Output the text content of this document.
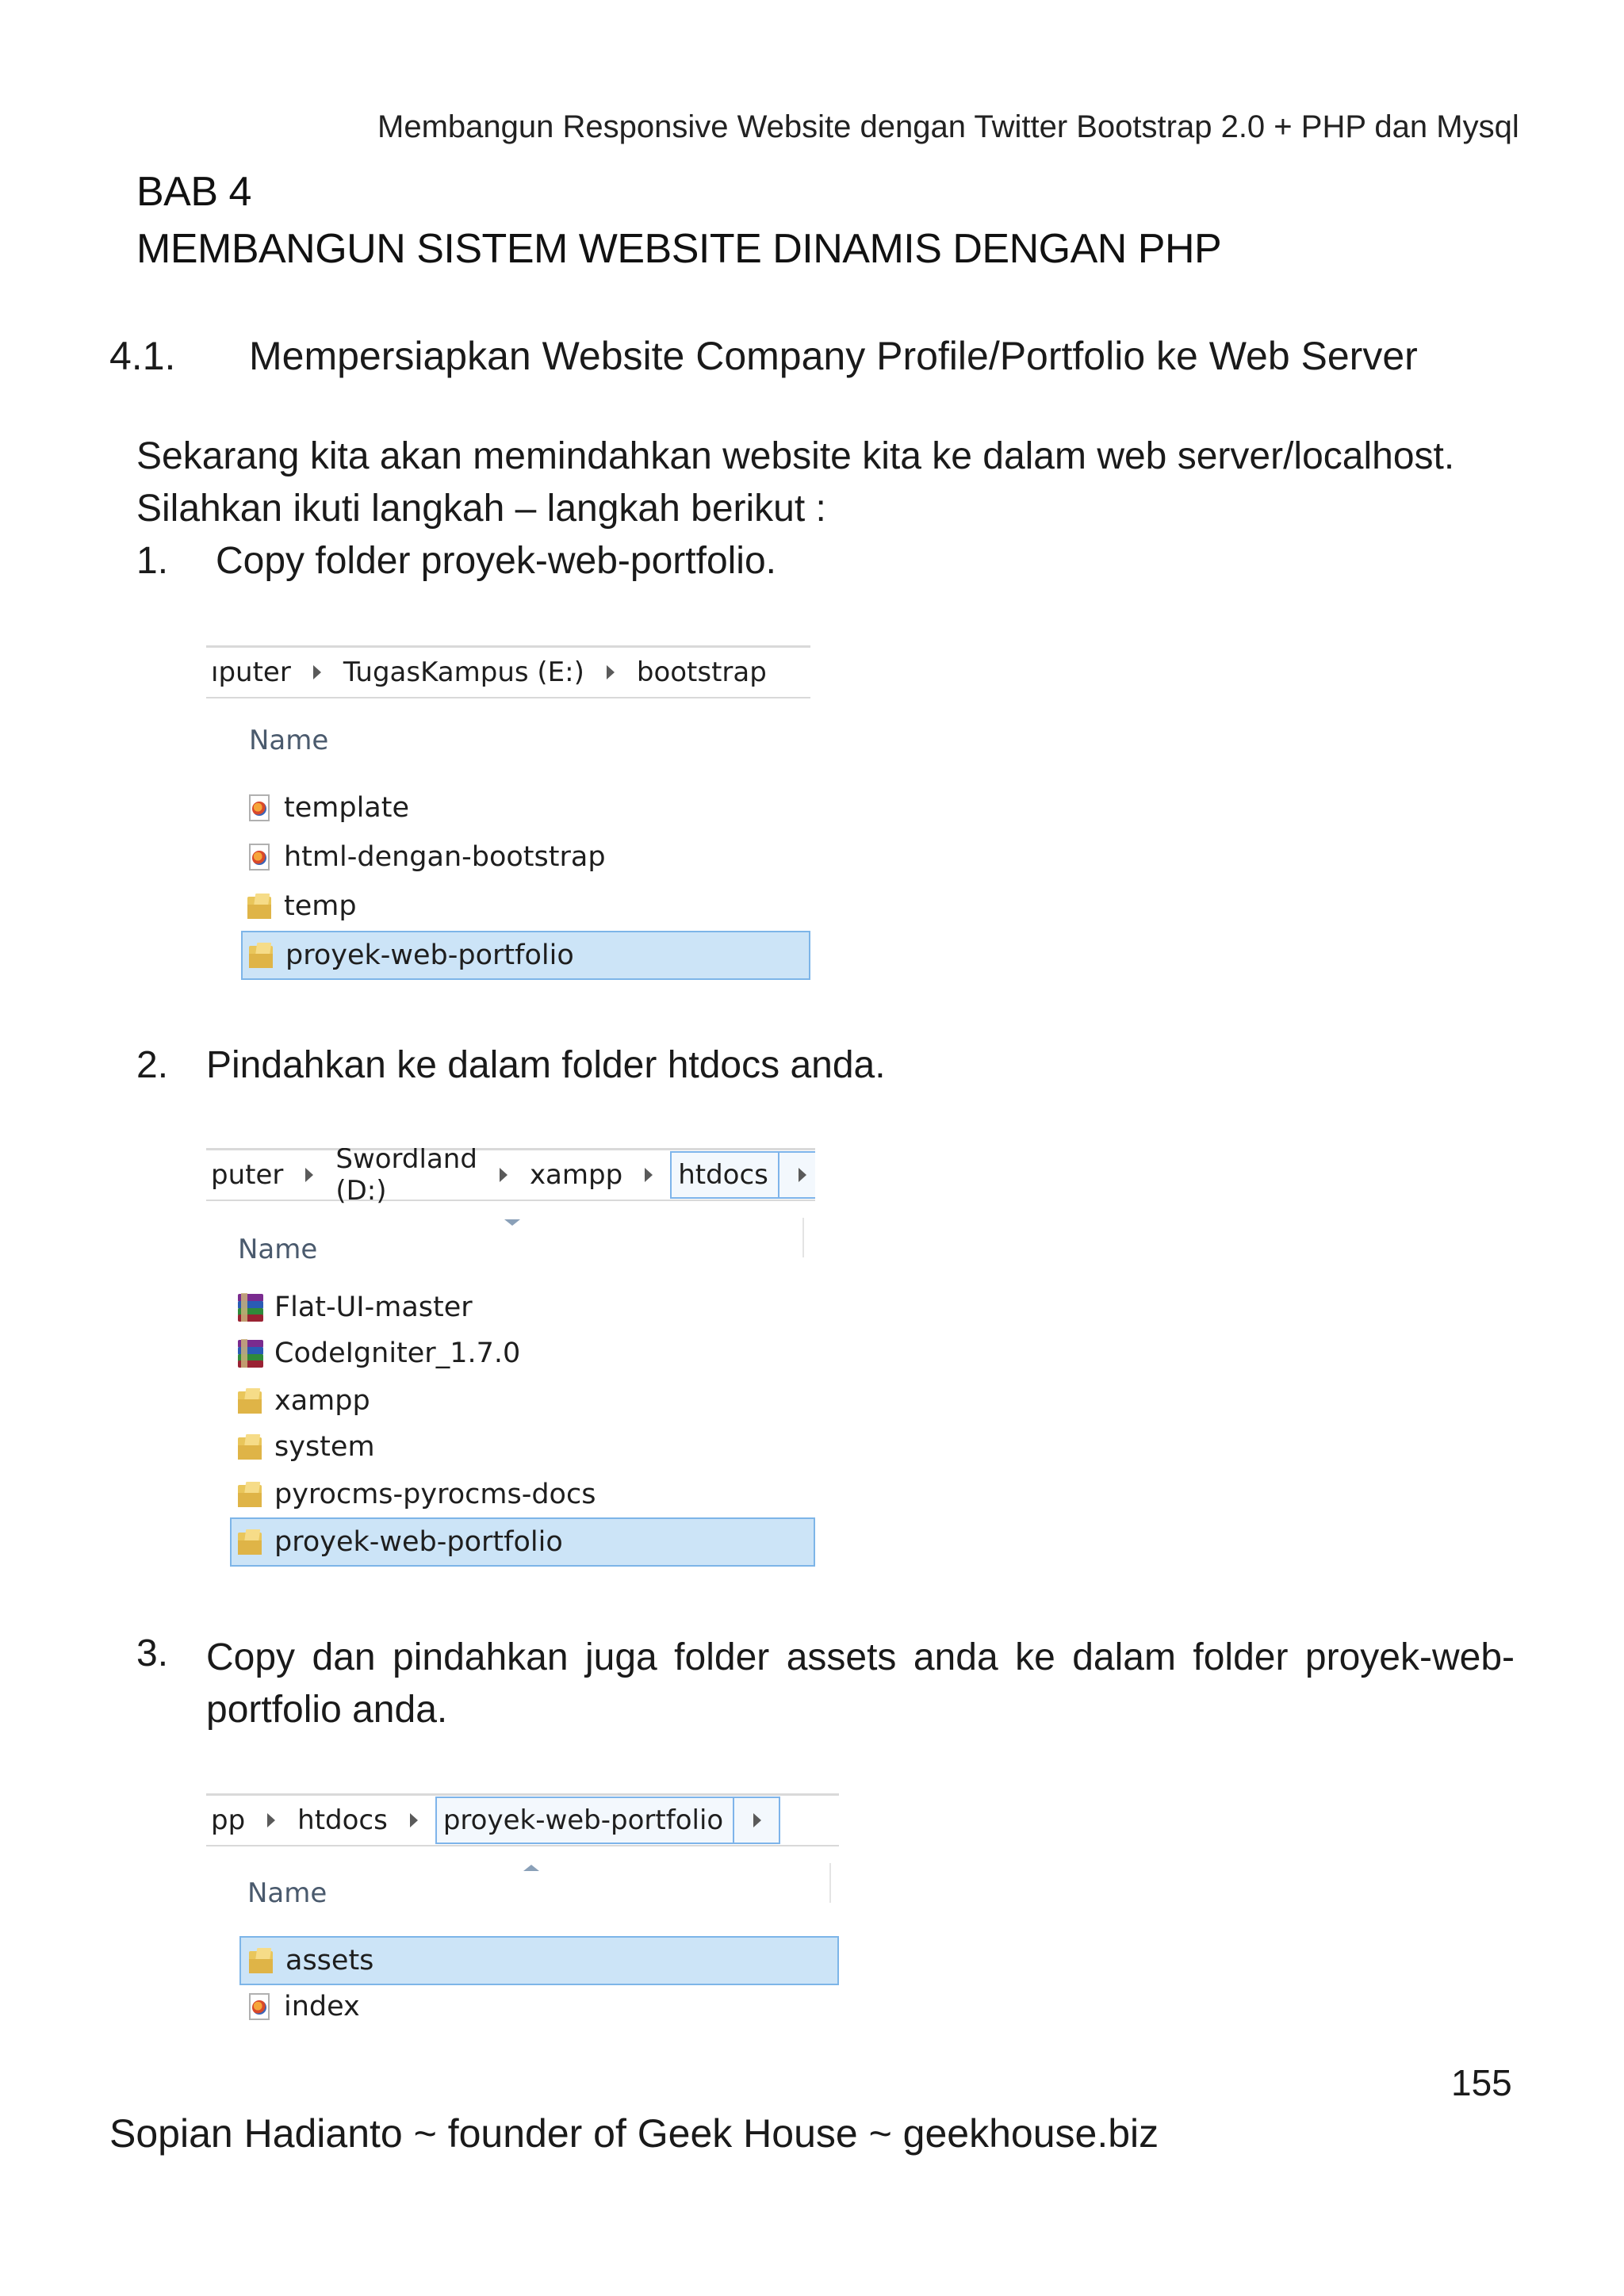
Membangun Responsive Website dengan Twitter Bootstrap 2.0 + PHP dan Mysql
BAB 4
MEMBANGUN SISTEM WEBSITE DINAMIS DENGAN PHP
4.1. Mempersiapkan Website Company Profile/Portfolio ke Web Server
Sekarang kita akan memindahkan website kita ke dalam web server/localhost.
Silahkan ikuti langkah – langkah berikut :
1. Copy folder proyek-web-portfolio.
ıputer TugasKampus (E:) bootstrap
Name
template
html-dengan-bootstrap
temp
proyek-web-portfolio
2. Pindahkan ke dalam folder htdocs anda.
puter Swordland (D:)	xampp htdocs
Name
Flat-UI-master
CodeIgniter_1.7.0
xampp
system
pyrocms-pyrocms-docs
proyek-web-portfolio
3. Copy dan pindahkan juga folder assets anda ke dalam folder proyek-web-portfolio anda.
pp htdocs proyek-web-portfolio
Name
assets
index
155
Sopian Hadianto ~ founder of Geek House ~ geekhouse.biz
